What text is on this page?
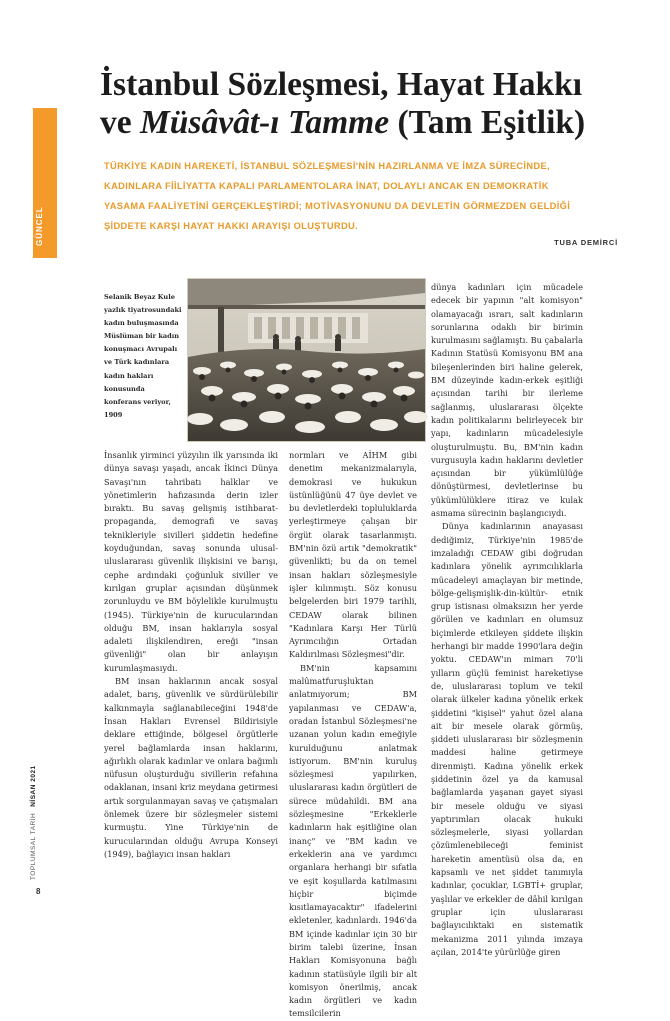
GÜNCEL
İstanbul Sözleşmesi, Hayat Hakkı
ve Müsâvât-ı Tamme (Tam Eşitlik)

TÜRKİYE KADIN HAREKETİ, İSTANBUL SÖZLEŞMESİ'NİN HAZIRLANMA VE İMZA SÜRECİNDE, KADINLARA FİİLİYATTA KAPALI PARLAMENTOLARA İNAT, DOLAYLI ANCAK EN DEMOKRATİK YASAMA FAALİYETİNİ GERÇEKLEŞTİRDİ; MOTİVASYONUNU DA DEVLETİN GÖRMEZDEN GELDİĞİ ŞİDDETE KARŞI HAYAT HAKKI ARAYIŞI OLUŞTURDU.

TUBA DEMİRCİ

Selanik Beyaz Kule yazlık tiyatrosundaki kadın buluşmasında Müslüman bir kadın konuşmacı Avrupalı ve Türk kadınlara kadın hakları konusunda konferans veriyor, 1909

İnsanlık yirminci yüzyılın ilk yarısında iki dünya savaşı yaşadı, ancak İkinci Dünya Savaşı'nın tahribatı halklar ve yönetimlerin hafızasında derin izler bıraktı. Bu savaş gelişmiş istihbarat-propaganda, demografi ve savaş teknikleriyle sivilleri şiddetin hedefine koyduğundan, savaş sonunda ulusal-uluslararası güvenlik ilişkisini ve barışı, cephe ardındaki çoğunluk siviller ve kırılgan gruplar açısından düşünmek zorunluydu ve BM böylelikle kurulmuştu (1945). Türkiye'nin de kurucularından olduğu BM, insan haklarıyla sosyal adaleti ilişkilendiren, ereği "insan güvenliği" olan bir anlayışın kurumlaşmasıydı.

BM insan haklarının ancak sosyal adalet, barış, güvenlik ve sürdürülebilir kalkınmayla sağlanabileceğini 1948'de İnsan Hakları Evrensel Bildirisiyle deklare ettiğinde, bölgesel örgütlerle yerel bağlamlarda insan haklarını, ağırlıklı olarak kadınlar ve onlara bağımlı nüfusun oluşturduğu sivillerin refahına odaklanan, insani kriz meydana getirmesi artık sorgulanmayan savaş ve çatışmaları önlemek üzere bir sözleşmeler sistemi kurmuştu. Yine Türkiye'nin de kurucularından olduğu Avrupa Konseyi (1949), bağlayıcı insan hakları

normları ve AİHM gibi denetim mekanizmalarıyla, demokrasi ve hukukun üstünlüğünü 47 üye devlet ve bu devletlerdeki topluluklarda yerleştirmeye çalışan bir örgüt olarak tasarlanmıştı. BM'nin özü artık "demokratik" güvenlikti; bu da on temel insan hakları sözleşmesiyle işler kılınmıştı. Söz konusu belgelerden biri 1979 tarihli, CEDAW olarak bilinen "Kadınlara Karşı Her Türlü Ayrımcılığın Ortadan Kaldırılması Sözleşmesi"dir.

BM'nin kapsamını malûmatfuruşluktan anlatmıyorum; BM yapılanması ve CEDAW'a, oradan İstanbul Sözleşmesi'ne uzanan yolun kadın emeğiyle kurulduğunu anlatmak istiyorum. BM'nin kuruluş sözleşmesi yapılırken, uluslararası kadın örgütleri de sürece müdahildi. BM ana sözleşmesine "Erkeklerle kadınların hak eşitliğine olan inanç" ve "BM kadın ve erkeklerin ana ve yardımcı organlara herhangi bir sıfatla ve eşit koşullarda katılmasını hiçbir biçimde kısıtlamayacaktır" ifadelerini ekletenler, kadınlardı. 1946'da BM içinde kadınlar için 30 bir birim talebi üzerine, İnsan Hakları Komisyonuna bağlı kadının statüsüyle ilgili bir alt komisyon önerilmiş, ancak kadın örgütleri ve kadın temsilcilerin

dünya kadınları için mücadele edecek bir yapının "alt komisyon" olamayacağı ısrarı, salt kadınların sorunlarına odaklı bir birimin kurulmasını sağlamıştı. Bu çabalarla Kadının Statüsü Komisyonu BM ana bileşenlerinden biri haline gelerek, BM düzeyinde kadın-erkek eşitliği açısından tarihi bir ilerleme sağlanmış, uluslararası ölçekte kadın politikalarını belirleyecek bir yapı, kadınların mücadelesiyle oluşturulmuştu. Bu, BM'nin kadın vurgusuyla kadın haklarını devletler açısından bir yükümlülüğe dönüştürmesi, devletlerinse bu yükümlülüklere itiraz ve kulak asmama sürecinin başlangıcıydı.

Dünya kadınlarının anayasası dediğimiz, Türkiye'nin 1985'de imzaladığı CEDAW gibi doğrudan kadınlara yönelik ayrımcılıklarla mücadeleyi amaçlayan bir metinde, bölge-gelişmişlik-din-kültür- etnik grup istisnası olmaksızın her yerde görülen ve kadınları en olumsuz biçimlerde etkileyen şiddete ilişkin herhangi bir madde 1990'lara değin yoktu. CEDAW'ın mimarı 70'li yılların güçlü feminist hareketiyse de, uluslararası toplum ve tekil olarak ülkeler kadına yönelik erkek şiddetini "kişisel" yahut özel alana ait bir mesele olarak görmüş, şiddeti uluslararası bir sözleşmenin maddesi haline getirmeye direnmişti. Kadına yönelik erkek şiddetinin özel ya da kamusal bağlamlarda yaşanan gayet siyasi bir mesele olduğu ve siyasi yaptırımları olacak hukuki sözleşmelerle, siyasi yollardan çözümlenebileceği feminist hareketin amentüsü olsa da, en kapsamlı ve net şiddet tanımıyla kadınlar, çocuklar, LGBTİ+ gruplar, yaşlılar ve erkekler de dâhil kırılgan gruplar için uluslararası bağlayıcılıktaki en sistematik mekanizma 2011 yılında imzaya açılan, 2014'te yürürlüğe giren

TOPLUMSAL TARİHNİSAN 2021
8
